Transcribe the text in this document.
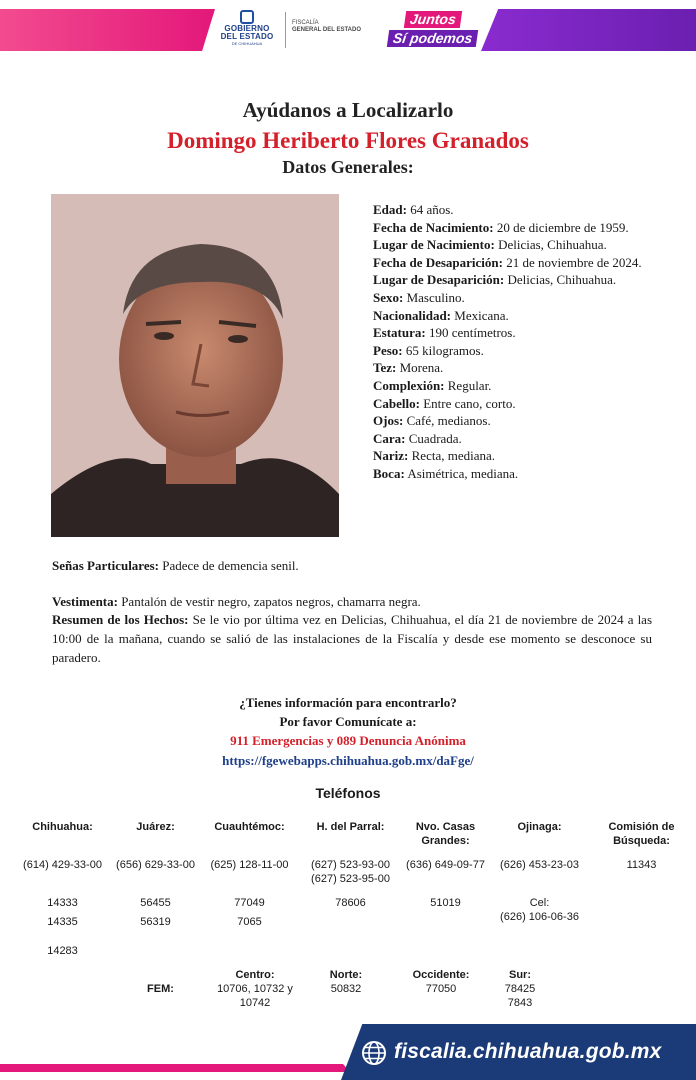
GOBIERNO
DEL ESTADO
DE CHIHUAHUA
FISCALÍA
GENERAL DEL ESTADO
Juntos
Sí podemos
Ayúdanos a Localizarlo
Domingo Heriberto Flores Granados
Datos Generales:
Edad: 64 años.
Fecha de Nacimiento: 20 de diciembre de 1959.
Lugar de Nacimiento: Delicias, Chihuahua.
Fecha de Desaparición: 21 de noviembre de 2024.
Lugar de Desaparición: Delicias, Chihuahua.
Sexo: Masculino.
Nacionalidad: Mexicana.
Estatura: 190 centímetros.
Peso: 65 kilogramos.
Tez: Morena.
Complexión: Regular.
Cabello: Entre cano, corto.
Ojos: Café, medianos.
Cara: Cuadrada.
Nariz: Recta, mediana.
Boca: Asimétrica, mediana.
Señas Particulares: Padece de demencia senil.
Vestimenta: Pantalón de vestir negro, zapatos negros, chamarra negra.
Resumen de los Hechos: Se le vio por última vez en Delicias, Chihuahua, el día 21 de noviembre de 2024 a las 10:00 de la mañana, cuando se salió de las instalaciones de la Fiscalía y desde ese momento se desconoce su paradero.
¿Tienes información para encontrarlo?
Por favor Comunícate a:
911 Emergencias y 089 Denuncia Anónima
https://fgewebapps.chihuahua.gob.mx/daFge/
Teléfonos
Chihuahua:
(614) 429-33-00
14333
14335
14283
Juárez:
(656) 629-33-00
56455
56319
Cuauhtémoc:
(625) 128-11-00
77049
7065
H. del Parral:
(627) 523-93-00
(627) 523-95-00
78606
Nvo. Casas
Grandes:
(636) 649-09-77
51019
Ojinaga:
(626) 453-23-03
Cel:
(626) 106-06-36
Comisión de
Búsqueda:
11343
FEM:
Centro:
10706, 10732 y
10742
Norte:
50832
Occidente:
77050
Sur:
78425
7843
fiscalia.chihuahua.gob.mx
